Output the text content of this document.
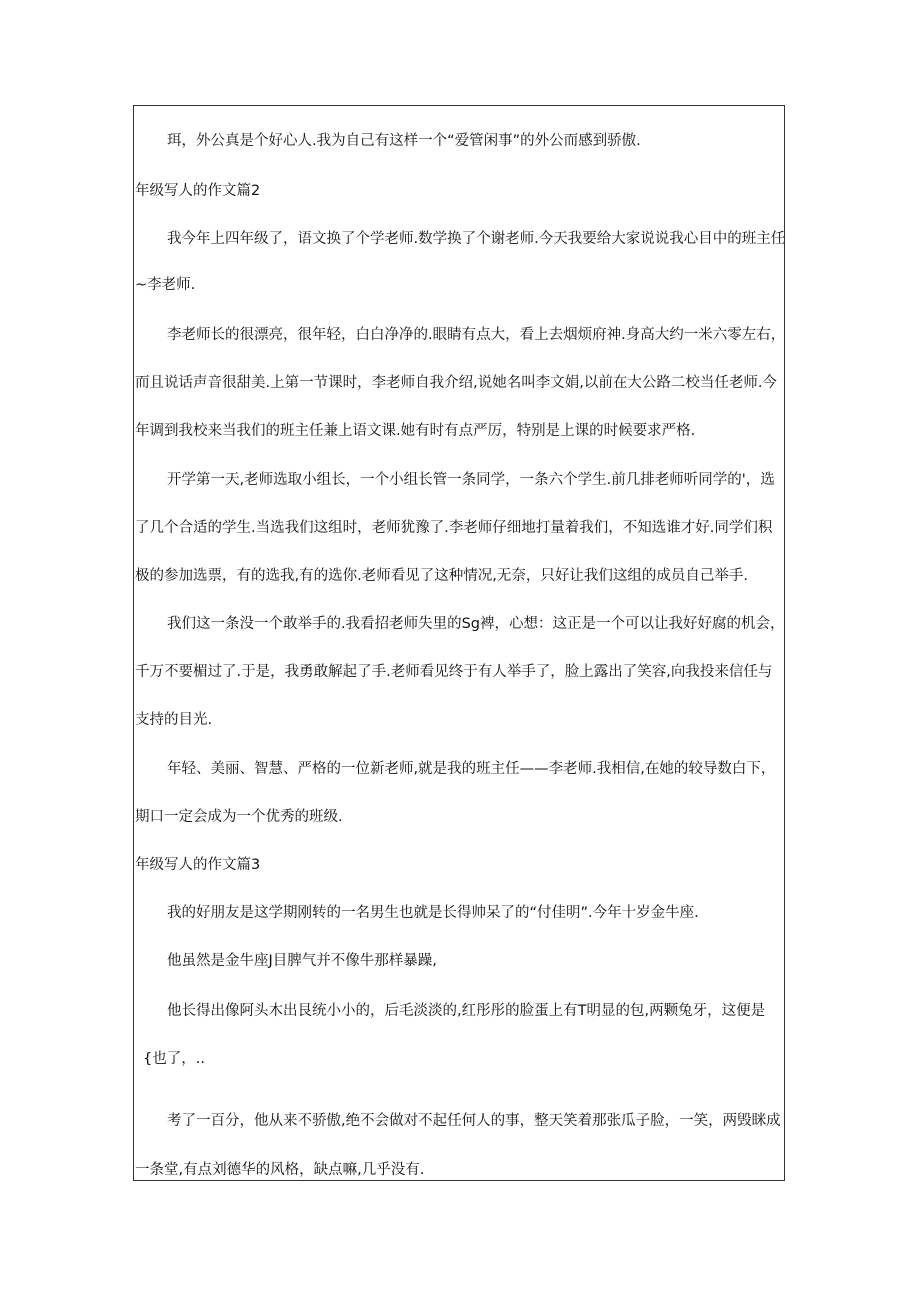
珥，外公真是个好心人.我为自己有这样一个“爱管闲事”的外公而感到骄傲.
年级写人的作文篇2
我今年上四年级了，语文换了个学老师.数学换了个谢老师.今天我要给大家说说我心目中的班主任
~李老师.
李老师长的很漂亮，很年轻，白白净净的.眼睛有点大，看上去烟烦府神.身高大约一米六零左右，
而且说话声音很甜美.上第一节课时，李老师自我介绍,说她名叫李文娟,以前在大公路二校当任老师.今
年调到我校来当我们的班主任兼上语文课.她有时有点严厉，特别是上课的时候要求严格.
开学第一天,老师选取小组长，一个小组长管一条同学，一条六个学生.前几排老师听同学的'，选
了几个合适的学生.当选我们这组时，老师犹豫了.李老师仔细地打量着我们，不知选谁才好.同学们积
极的参加选票，有的选我,有的选你.老师看见了这种情况,无奈，只好让我们这组的成员自己举手.
我们这一条没一个敢举手的.我看招老师失里的Sg裨，心想：这正是一个可以让我好好腐的机会，
千万不要楣过了.于是，我勇敢解起了手.老师看见终于有人举手了，脸上露出了笑容,向我投来信任与
支持的目光.
年轻、美丽、智慧、严格的一位新老师,就是我的班主任——李老师.我相信,在她的较导数白下，
期口一定会成为一个优秀的班级.
年级写人的作文篇3
我的好朋友是这学期刚转的一名男生也就是长得帅呆了的“付佳明”.今年十岁金牛座.
他虽然是金牛座J目脾气并不像牛那样暴躁,
他长得出像阿头木出艮统小小的，后毛淡淡的,红彤彤的脸蛋上有T明显的包,两颗兔牙，这便是
{也了，..
考了一百分，他从来不骄傲,绝不会做对不起任何人的事，整天笑着那张瓜子脸，一笑，两毁眯成
一条堂,有点刘德华的风格，缺点嘛,几乎没有.
